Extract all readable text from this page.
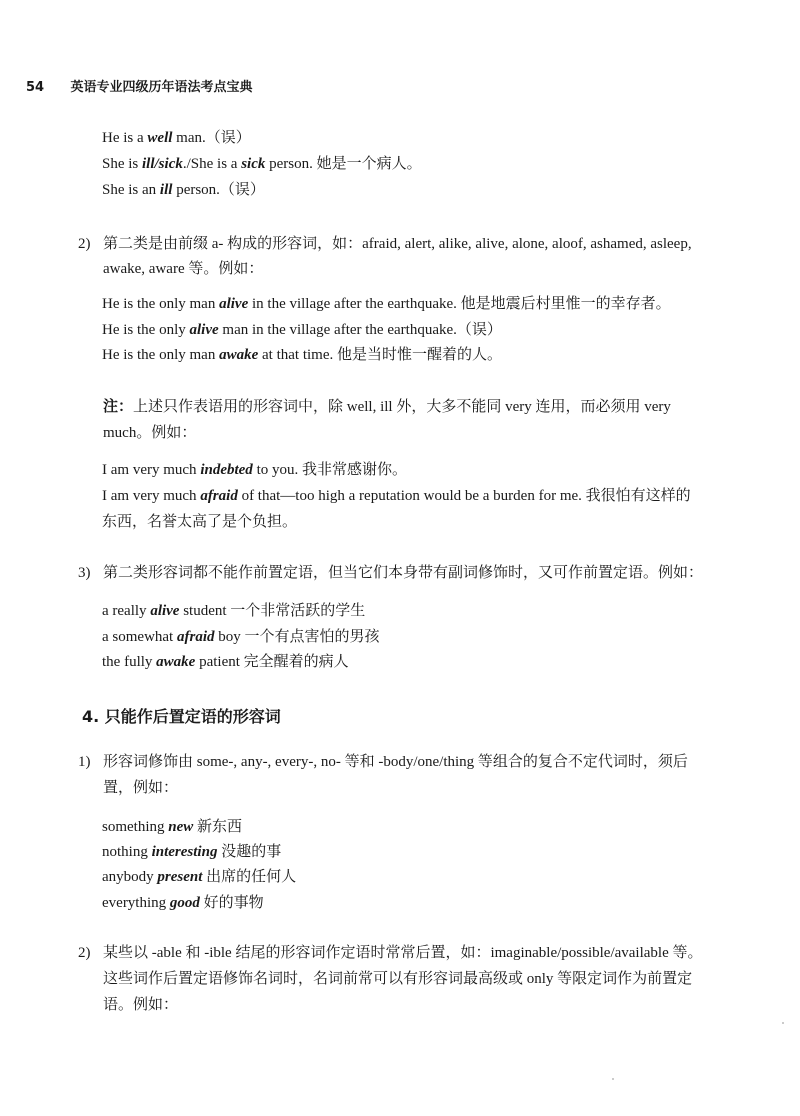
54 英语专业四级历年语法考点宝典
He is a well man.（误）
She is ill/sick./She is a sick person. 她是一个病人。
She is an ill person.（误）
2) 第二类是由前缀 a- 构成的形容词，如：afraid, alert, alike, alive, alone, aloof, ashamed, asleep,
awake, aware 等。例如：
He is the only man alive in the village after the earthquake. 他是地震后村里惟一的幸存者。
He is the only alive man in the village after the earthquake.（误）
He is the only man awake at that time. 他是当时惟一醒着的人。
注：上述只作表语用的形容词中，除 well, ill 外，大多不能同 very 连用，而必须用 very
much。例如：
I am very much indebted to you. 我非常感谢你。
I am very much afraid of that—too high a reputation would be a burden for me. 我很怕有这样的
东西，名誉太高了是个负担。
3) 第二类形容词都不能作前置定语，但当它们本身带有副词修饰时，又可作前置定语。例如：
a really alive student 一个非常活跃的学生
a somewhat afraid boy 一个有点害怕的男孩
the fully awake patient 完全醒着的病人
4. 只能作后置定语的形容词
1) 形容词修饰由 some-, any-, every-, no- 等和 -body/one/thing 等组合的复合不定代词时，须后
置，例如：
something new 新东西
nothing interesting 没趣的事
anybody present 出席的任何人
everything good 好的事物
2) 某些以 -able 和 -ible 结尾的形容词作定语时常常后置，如：imaginable/possible/available 等。
这些词作后置定语修饰名词时，名词前常可以有形容词最高级或 only 等限定词作为前置定
语。例如：
